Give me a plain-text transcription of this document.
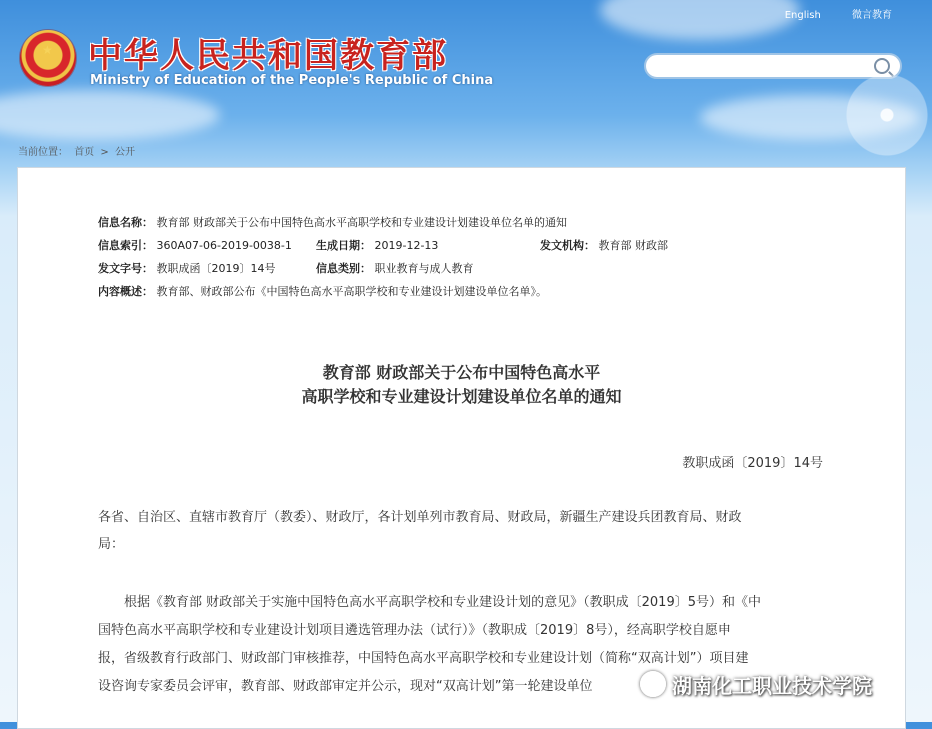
★ 中华人民共和国教育部
Ministry of Education of the People's Republic of China
English	微言教育
当前位置： 首页 > 公开
信息名称： 教育部 财政部关于公布中国特色高水平高职学校和专业建设计划建设单位名单的通知
信息索引： 360A07-06-2019-0038-1 生成日期： 2019-12-13	发文机构： 教育部 财政部
发文字号： 教职成函〔2019〕14号	信息类别： 职业教育与成人教育
内容概述： 教育部、财政部公布《中国特色高水平高职学校和专业建设计划建设单位名单》。
教育部 财政部关于公布中国特色高水平
高职学校和专业建设计划建设单位名单的通知
教职成函〔2019〕14号
各省、自治区、直辖市教育厅（教委）、财政厅，各计划单列市教育局、财政局，新疆生产建设兵团教育局、财政
局：
根据《教育部 财政部关于实施中国特色高水平高职学校和专业建设计划的意见》（教职成〔2019〕5号）和《中
国特色高水平高职学校和专业建设计划项目遴选管理办法（试行）》（教职成〔2019〕8号），经高职学校自愿申
报，省级教育行政部门、财政部门审核推荐，中国特色高水平高职学校和专业建设计划（简称“双高计划”）项目建
设咨询专家委员会评审，教育部、财政部审定并公示，现对“双高计划”第一轮建设单位	湖南化工职业技术学院
